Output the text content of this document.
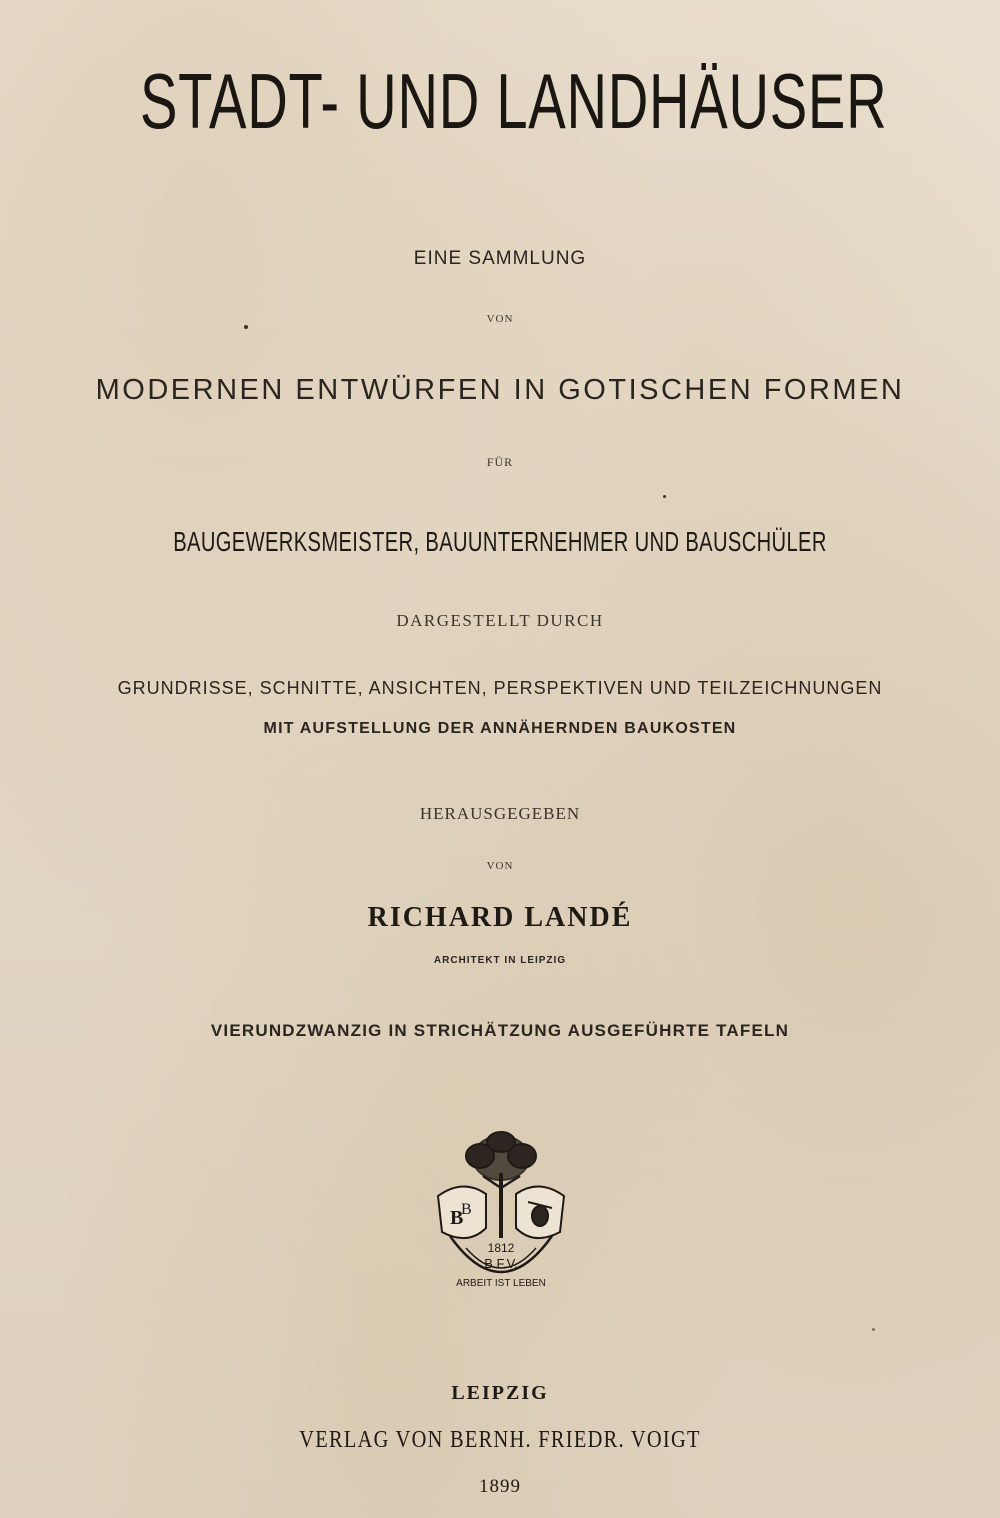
STADT- UND LANDHÄUSER

EINE SAMMLUNG

VON

MODERNEN ENTWÜRFEN IN GOTISCHEN FORMEN

FÜR

BAUGEWERKSMEISTER, BAUUNTERNEHMER UND BAUSCHÜLER

DARGESTELLT DURCH

GRUNDRISSE, SCHNITTE, ANSICHTEN, PERSPEKTIVEN UND TEILZEICHNUNGEN

MIT AUFSTELLUNG DER ANNÄHERNDEN BAUKOSTEN

HERAUSGEGEBEN

VON

RICHARD LANDÉ

ARCHITEKT IN LEIPZIG

VIERUNDZWANZIG IN STRICHÄTZUNG AUSGEFÜHRTE TAFELN

B
B
1812
B.F.V.
ARBEIT IST LEBEN

LEIPZIG

VERLAG VON BERNH. FRIEDR. VOIGT

1899
